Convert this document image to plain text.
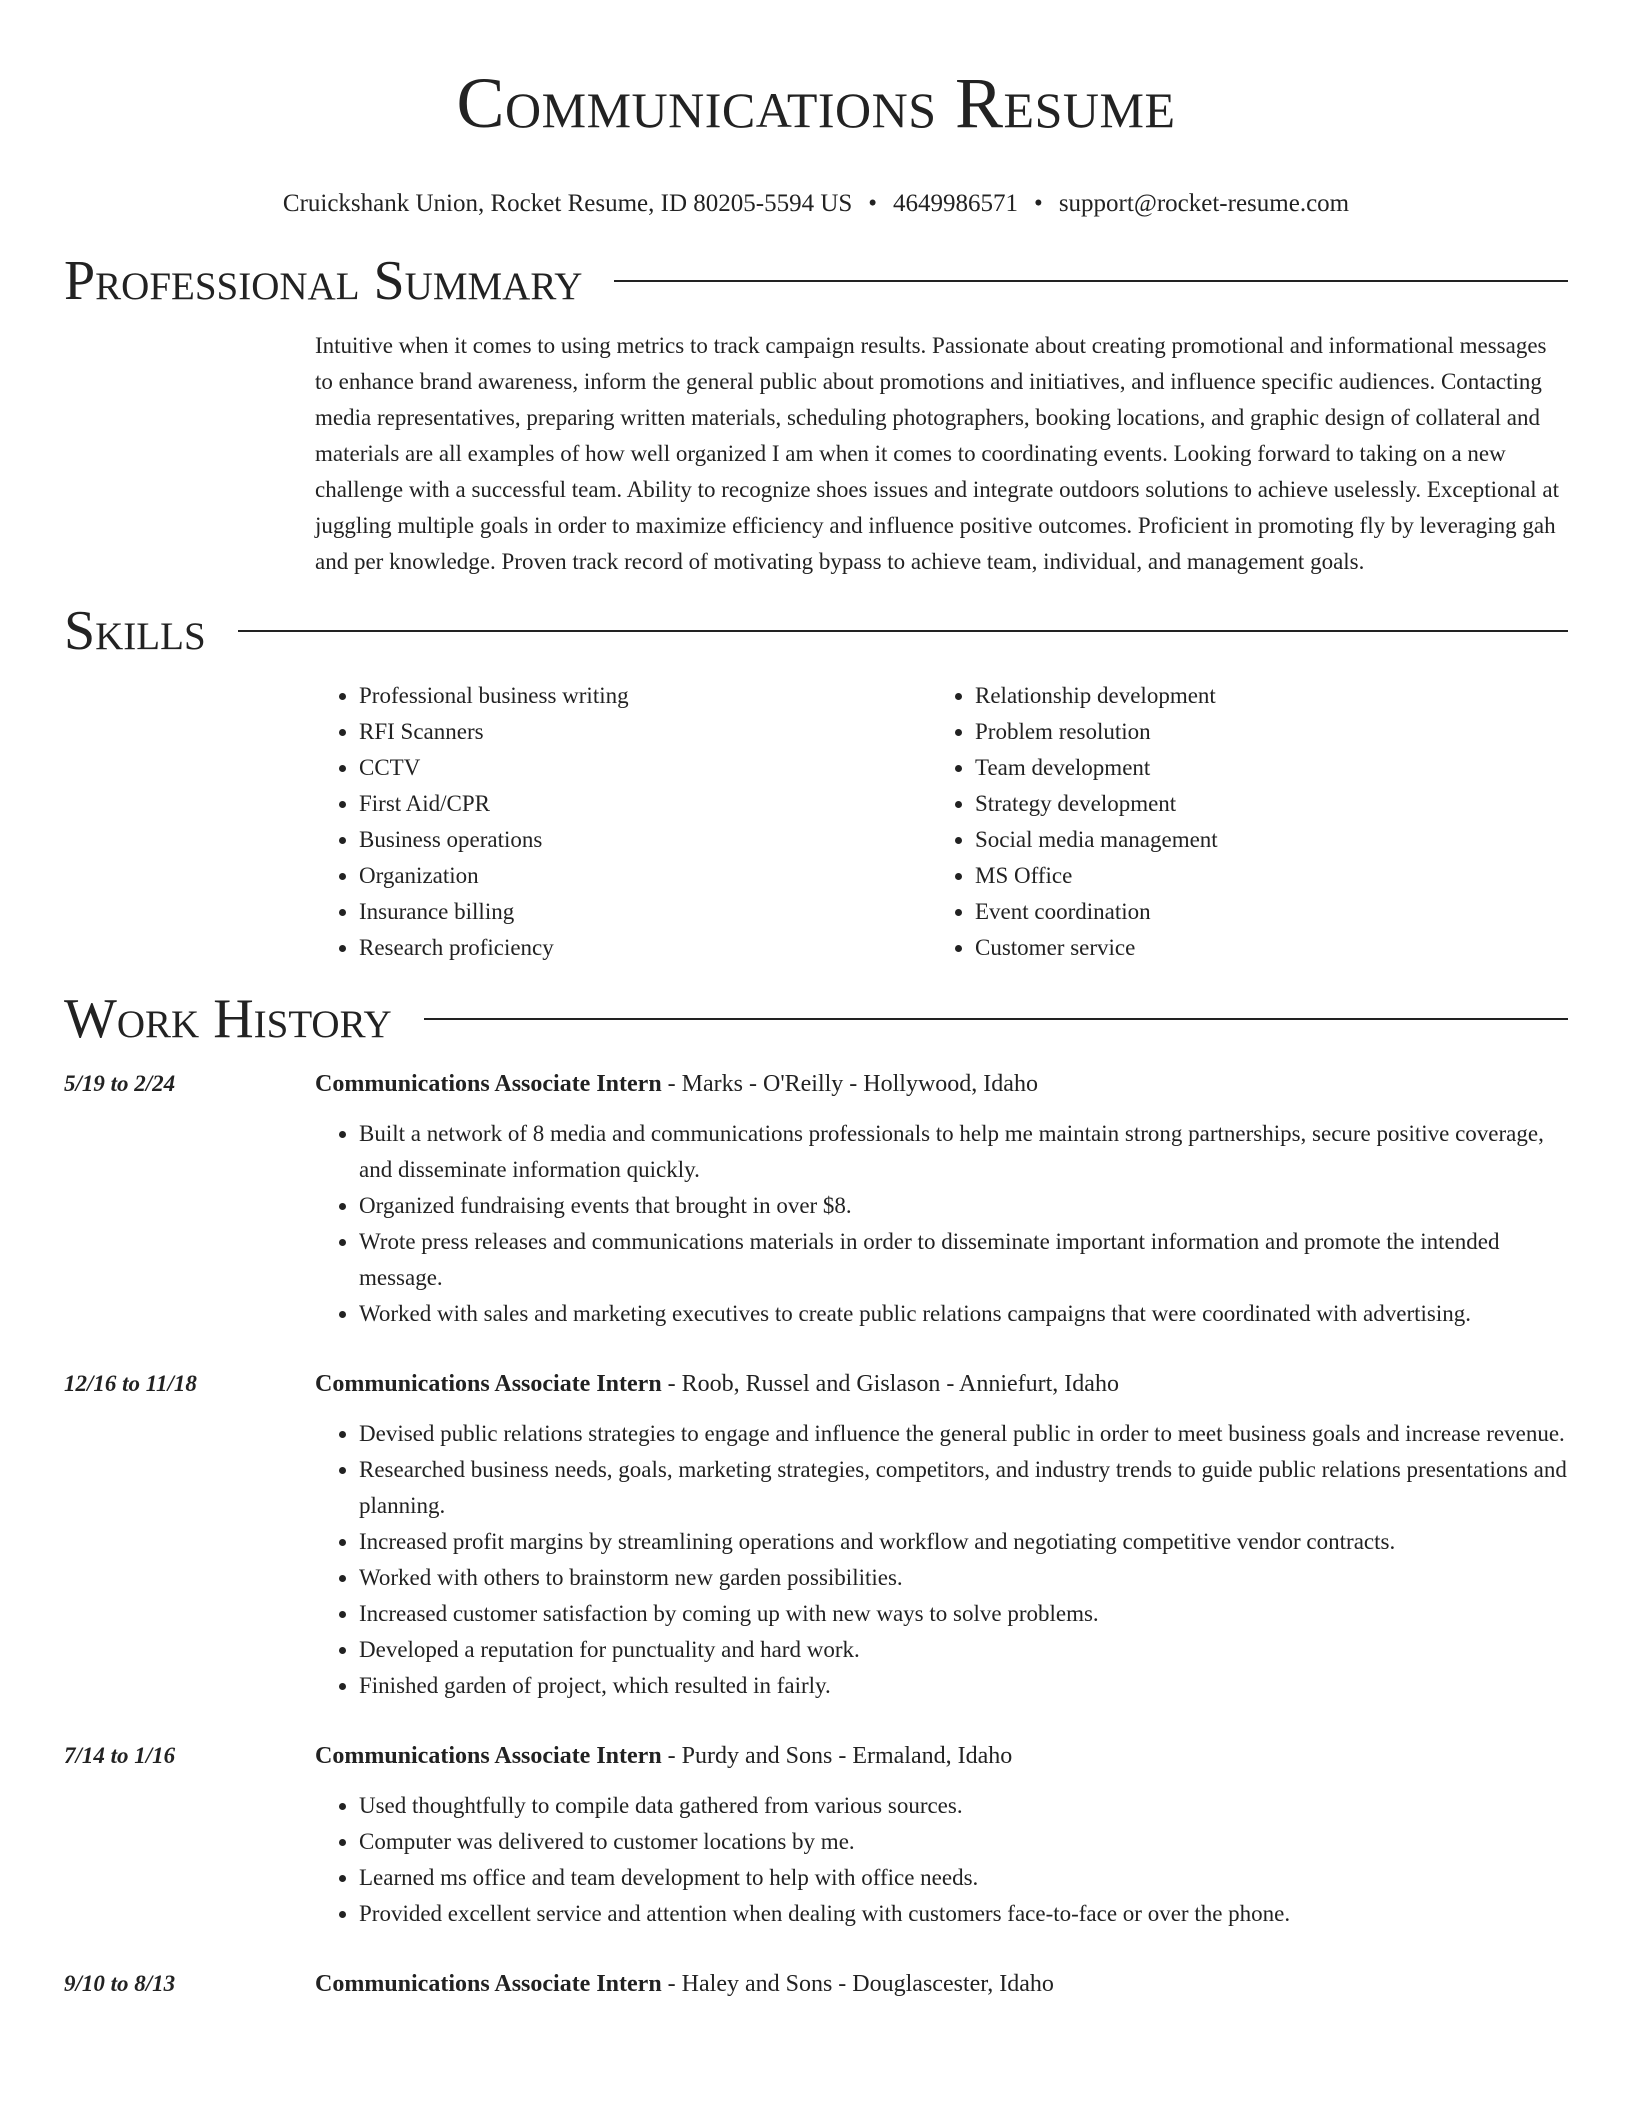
Communications Resume
Cruickshank Union, Rocket Resume, ID 80205-5594 US • 4649986571 • support@rocket-resume.com
Professional Summary

Intuitive when it comes to using metrics to track campaign results. Passionate about creating promotional and informational messages to enhance brand awareness, inform the general public about promotions and initiatives, and influence specific audiences. Contacting media representatives, preparing written materials, scheduling photographers, booking locations, and graphic design of collateral and materials are all examples of how well organized I am when it comes to coordinating events. Looking forward to taking on a new challenge with a successful team. Ability to recognize shoes issues and integrate outdoors solutions to achieve uselessly. Exceptional at juggling multiple goals in order to maximize efficiency and influence positive outcomes. Proficient in promoting fly by leveraging gah and per knowledge. Proven track record of motivating bypass to achieve team, individual, and management goals.

Skills
• Professional business writing
• RFI Scanners
• CCTV
• First Aid/CPR
• Business operations
• Organization
• Insurance billing
• Research proficiency
• Relationship development
• Problem resolution
• Team development
• Strategy development
• Social media management
• MS Office
• Event coordination
• Customer service
Work History
5/19 to 2/24	Communications Associate Intern - Marks - O'Reilly - Hollywood, Idaho
• Built a network of 8 media and communications professionals to help me maintain strong partnerships, secure positive coverage, and disseminate information quickly.
• Organized fundraising events that brought in over $8.
• Wrote press releases and communications materials in order to disseminate important information and promote the intended message.
• Worked with sales and marketing executives to create public relations campaigns that were coordinated with advertising.
12/16 to 11/18	Communications Associate Intern - Roob, Russel and Gislason - Anniefurt, Idaho
• Devised public relations strategies to engage and influence the general public in order to meet business goals and increase revenue.
• Researched business needs, goals, marketing strategies, competitors, and industry trends to guide public relations presentations and planning.
• Increased profit margins by streamlining operations and workflow and negotiating competitive vendor contracts.
• Worked with others to brainstorm new garden possibilities.
• Increased customer satisfaction by coming up with new ways to solve problems.
• Developed a reputation for punctuality and hard work.
• Finished garden of project, which resulted in fairly.
7/14 to 1/16	Communications Associate Intern - Purdy and Sons - Ermaland, Idaho
• Used thoughtfully to compile data gathered from various sources.
• Computer was delivered to customer locations by me.
• Learned ms office and team development to help with office needs.
• Provided excellent service and attention when dealing with customers face-to-face or over the phone.
9/10 to 8/13	Communications Associate Intern - Haley and Sons - Douglascester, Idaho
